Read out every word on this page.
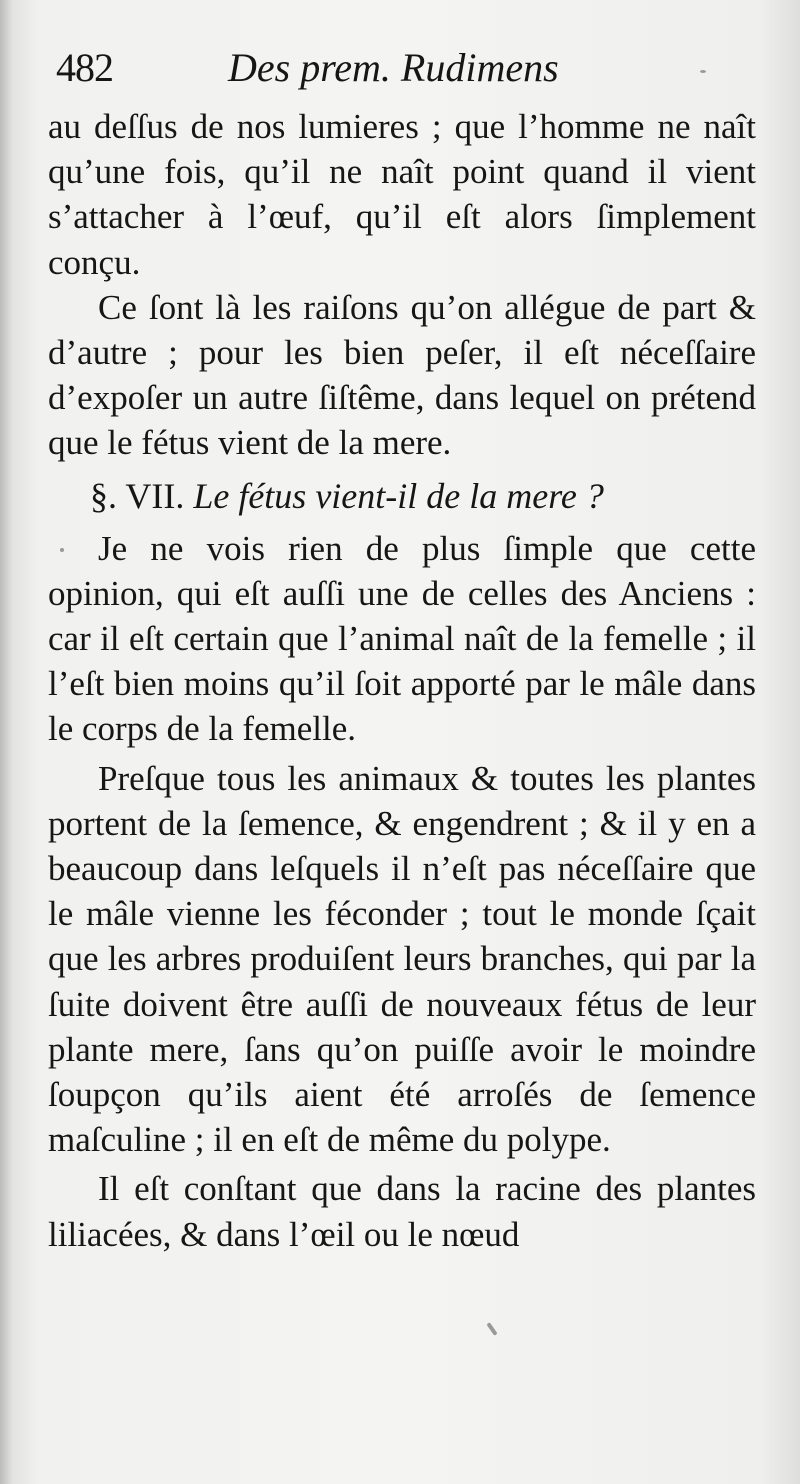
482	Des prem. Rudimens

au deſſus de nos lumieres ; que l’homme ne naît qu’une fois, qu’il ne naît point quand il vient s’attacher à l’œuf, qu’il eſt alors ſimplement conçu.

Ce ſont là les raiſons qu’on allégue de part & d’autre ; pour les bien peſer, il eſt néceſſaire d’expoſer un autre ſiſtême, dans lequel on prétend que le fétus vient de la mere.

§. VII. Le fétus vient-il de la mere ?

Je ne vois rien de plus ſimple que cette opinion, qui eſt auſſi une de celles des Anciens : car il eſt certain que l’animal naît de la femelle ; il l’eſt bien moins qu’il ſoit apporté par le mâle dans le corps de la femelle.

Preſque tous les animaux & toutes les plantes portent de la ſemence, & engendrent ; & il y en a beaucoup dans leſquels il n’eſt pas néceſſaire que le mâle vienne les féconder ; tout le monde ſçait que les arbres produiſent leurs branches, qui par la ſuite doivent être auſſi de nouveaux fétus de leur plante mere, ſans qu’on puiſſe avoir le moindre ſoupçon qu’ils aient été arroſés de ſemence maſculine ; il en eſt de même du polype.

Il eſt conſtant que dans la racine des plantes liliacées, & dans l’œil ou le nœud
